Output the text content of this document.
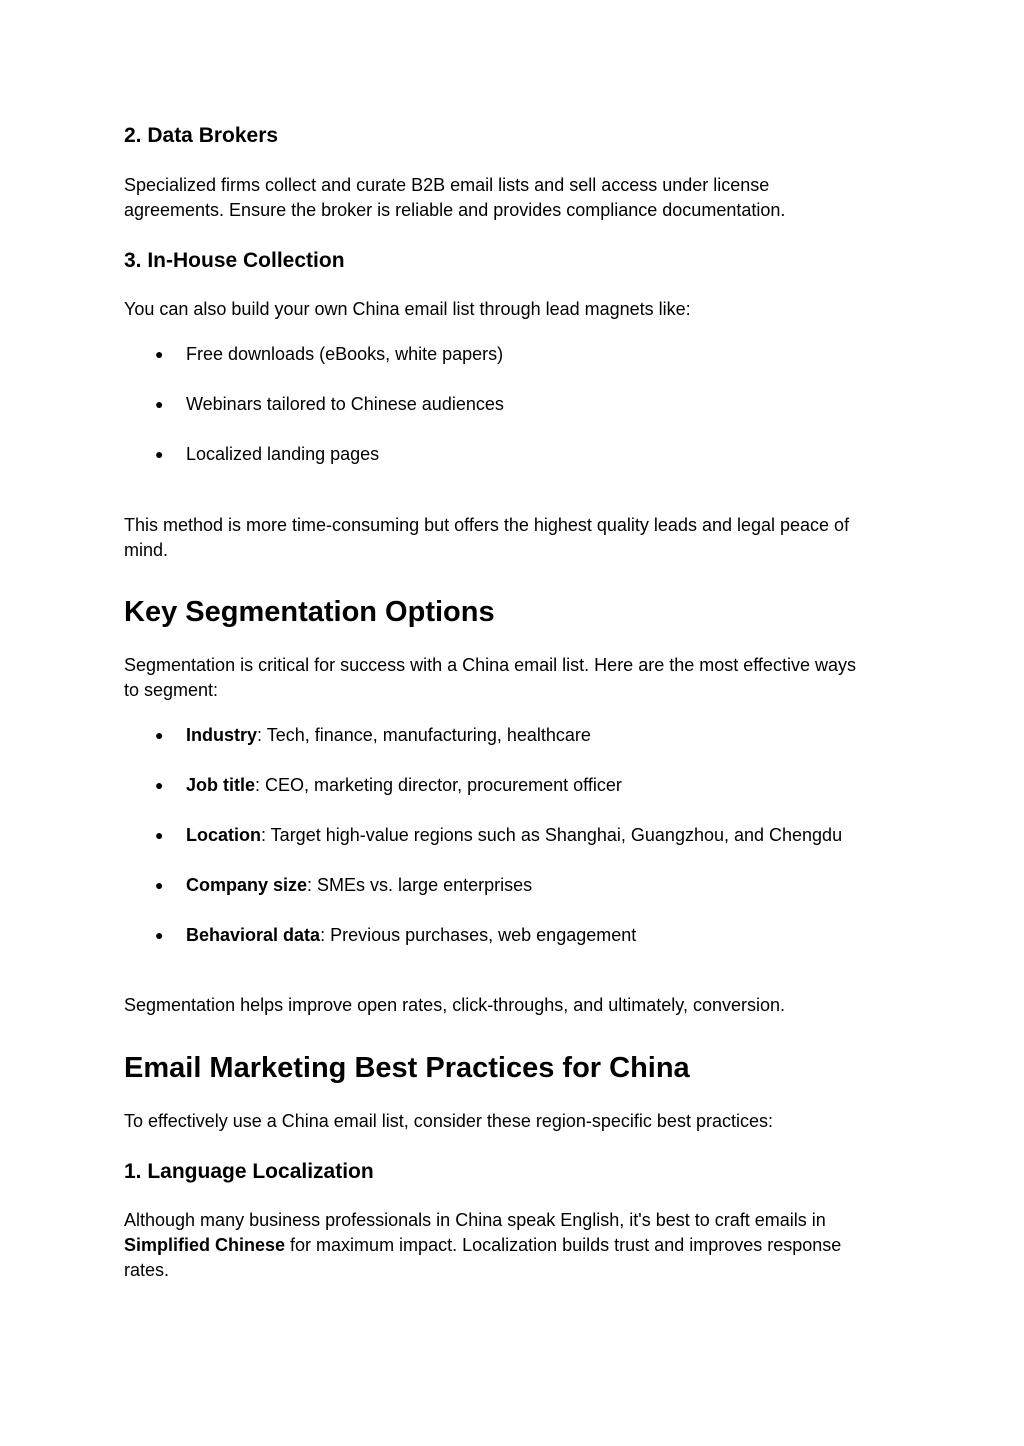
2. Data Brokers
Specialized firms collect and curate B2B email lists and sell access under license
agreements. Ensure the broker is reliable and provides compliance documentation.
3. In-House Collection
You can also build your own China email list through lead magnets like:
● Free downloads (eBooks, white papers)
● Webinars tailored to Chinese audiences
● Localized landing pages
This method is more time-consuming but offers the highest quality leads and legal peace of
mind.
Key Segmentation Options
Segmentation is critical for success with a China email list. Here are the most effective ways
to segment:
● Industry: Tech, finance, manufacturing, healthcare
● Job title: CEO, marketing director, procurement officer
● Location: Target high-value regions such as Shanghai, Guangzhou, and Chengdu
● Company size: SMEs vs. large enterprises
● Behavioral data: Previous purchases, web engagement
Segmentation helps improve open rates, click-throughs, and ultimately, conversion.
Email Marketing Best Practices for China
To effectively use a China email list, consider these region-specific best practices:
1. Language Localization
Although many business professionals in China speak English, it's best to craft emails in
Simplified Chinese for maximum impact. Localization builds trust and improves response
rates.
